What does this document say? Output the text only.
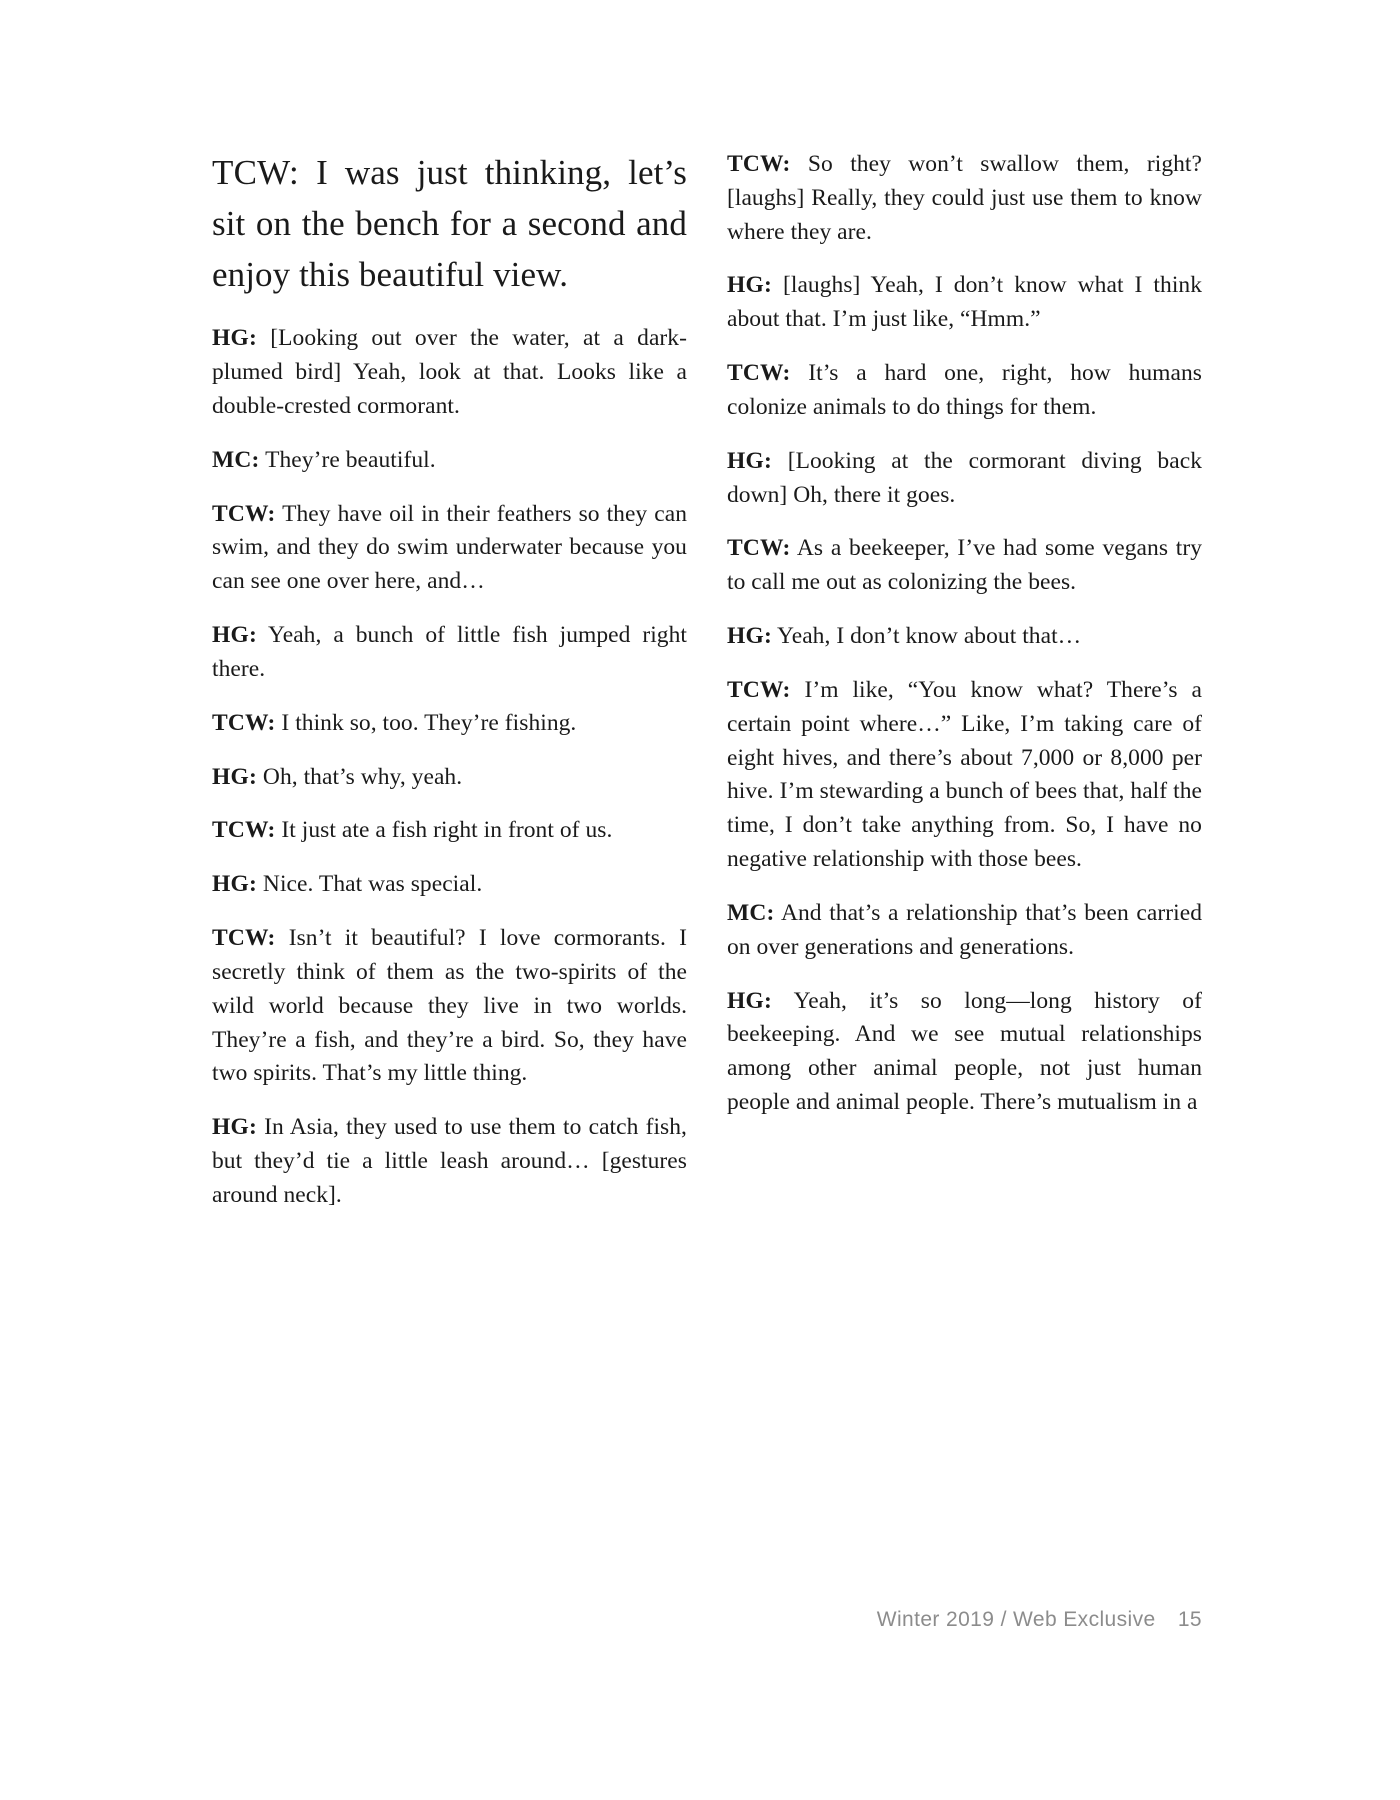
TCW: I was just thinking, let’s sit on the bench for a second and enjoy this beautiful view.

HG: [Looking out over the water, at a dark-plumed bird] Yeah, look at that. Looks like a double-crested cormorant.

MC: They’re beautiful.

TCW: They have oil in their feathers so they can swim, and they do swim underwater because you can see one over here, and…

HG: Yeah, a bunch of little fish jumped right there.

TCW: I think so, too. They’re fishing.

HG: Oh, that’s why, yeah.

TCW: It just ate a fish right in front of us.

HG: Nice. That was special.

TCW: Isn’t it beautiful? I love cormorants. I secretly think of them as the two-spirits of the wild world because they live in two worlds. They’re a fish, and they’re a bird. So, they have two spirits. That’s my little thing.

HG: In Asia, they used to use them to catch fish, but they’d tie a little leash around… [gestures around neck].

TCW: So they won’t swallow them, right? [laughs] Really, they could just use them to know where they are.

HG: [laughs] Yeah, I don’t know what I think about that. I’m just like, “Hmm.”

TCW: It’s a hard one, right, how humans colonize animals to do things for them.

HG: [Looking at the cormorant diving back down] Oh, there it goes.

TCW: As a beekeeper, I’ve had some vegans try to call me out as colonizing the bees.

HG: Yeah, I don’t know about that…

TCW: I’m like, “You know what? There’s a certain point where…” Like, I’m taking care of eight hives, and there’s about 7,000 or 8,000 per hive. I’m stewarding a bunch of bees that, half the time, I don’t take anything from. So, I have no negative relationship with those bees.

MC: And that’s a relationship that’s been carried on over generations and generations.

HG: Yeah, it’s so long—long history of beekeeping. And we see mutual relationships among other animal people, not just human people and animal people. There’s mutualism in a

Winter 2019 / Web Exclusive 15
